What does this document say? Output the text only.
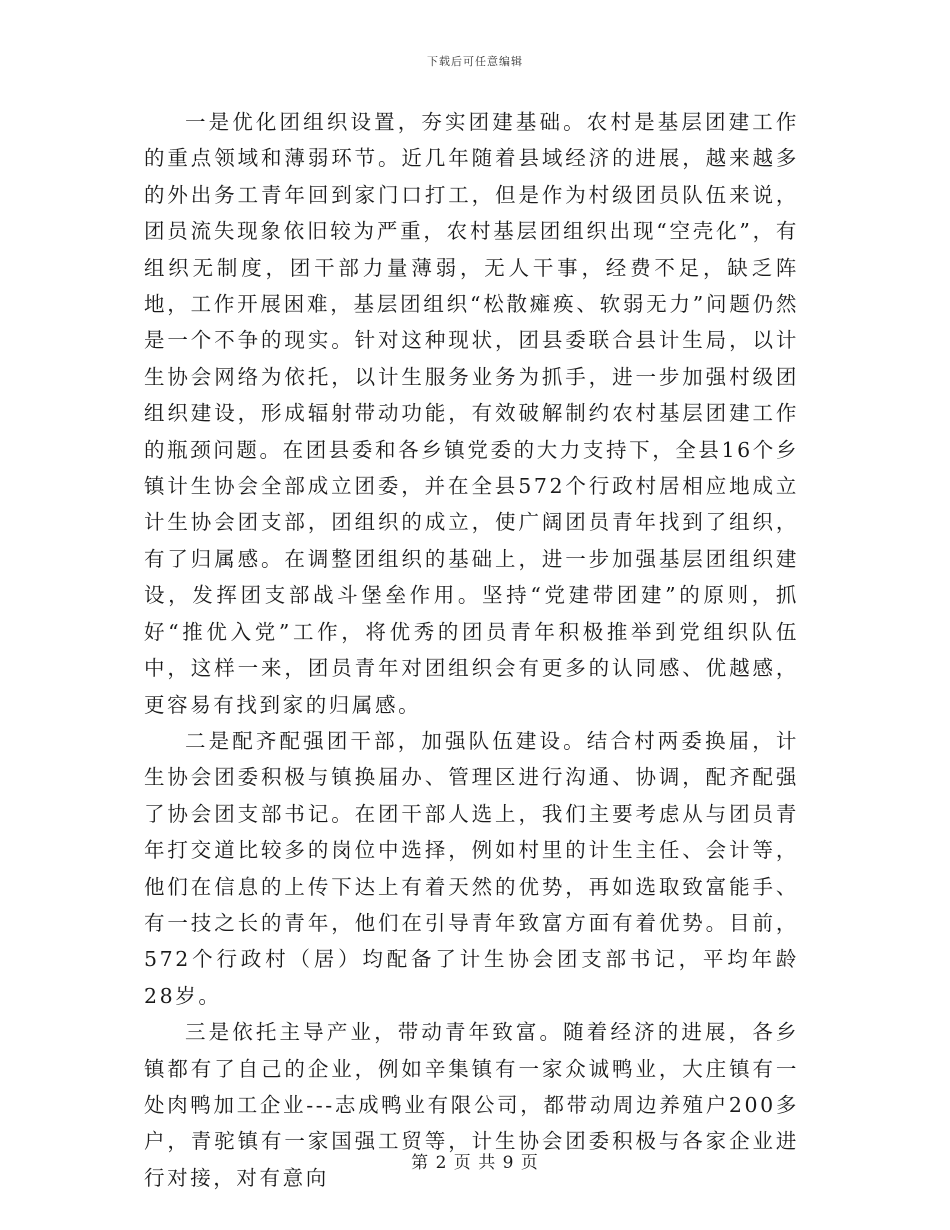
下载后可任意编辑

一是优化团组织设置，夯实团建基础。农村是基层团建工作的重点领域和薄弱环节。近几年随着县域经济的进展，越来越多的外出务工青年回到家门口打工，但是作为村级团员队伍来说，团员流失现象依旧较为严重，农村基层团组织出现“空壳化”，有组织无制度，团干部力量薄弱，无人干事，经费不足，缺乏阵地，工作开展困难，基层团组织“松散瘫痪、软弱无力”问题仍然是一个不争的现实。针对这种现状，团县委联合县计生局，以计生协会网络为依托，以计生服务业务为抓手，进一步加强村级团组织建设，形成辐射带动功能，有效破解制约农村基层团建工作的瓶颈问题。在团县委和各乡镇党委的大力支持下，全县16个乡镇计生协会全部成立团委，并在全县572个行政村居相应地成立计生协会团支部，团组织的成立，使广阔团员青年找到了组织，有了归属感。在调整团组织的基础上，进一步加强基层团组织建设，发挥团支部战斗堡垒作用。坚持“党建带团建”的原则，抓好“推优入党”工作，将优秀的团员青年积极推举到党组织队伍中，这样一来，团员青年对团组织会有更多的认同感、优越感，更容易有找到家的归属感。

二是配齐配强团干部，加强队伍建设。结合村两委换届，计生协会团委积极与镇换届办、管理区进行沟通、协调，配齐配强了协会团支部书记。在团干部人选上，我们主要考虑从与团员青年打交道比较多的岗位中选择，例如村里的计生主任、会计等，他们在信息的上传下达上有着天然的优势，再如选取致富能手、有一技之长的青年，他们在引导青年致富方面有着优势。目前，572个行政村（居）均配备了计生协会团支部书记，平均年龄28岁。

三是依托主导产业，带动青年致富。随着经济的进展，各乡镇都有了自己的企业，例如辛集镇有一家众诚鸭业，大庄镇有一处肉鸭加工企业---志成鸭业有限公司，都带动周边养殖户200多户，青驼镇有一家国强工贸等，计生协会团委积极与各家企业进行对接，对有意向

第 2 页 共 9 页
